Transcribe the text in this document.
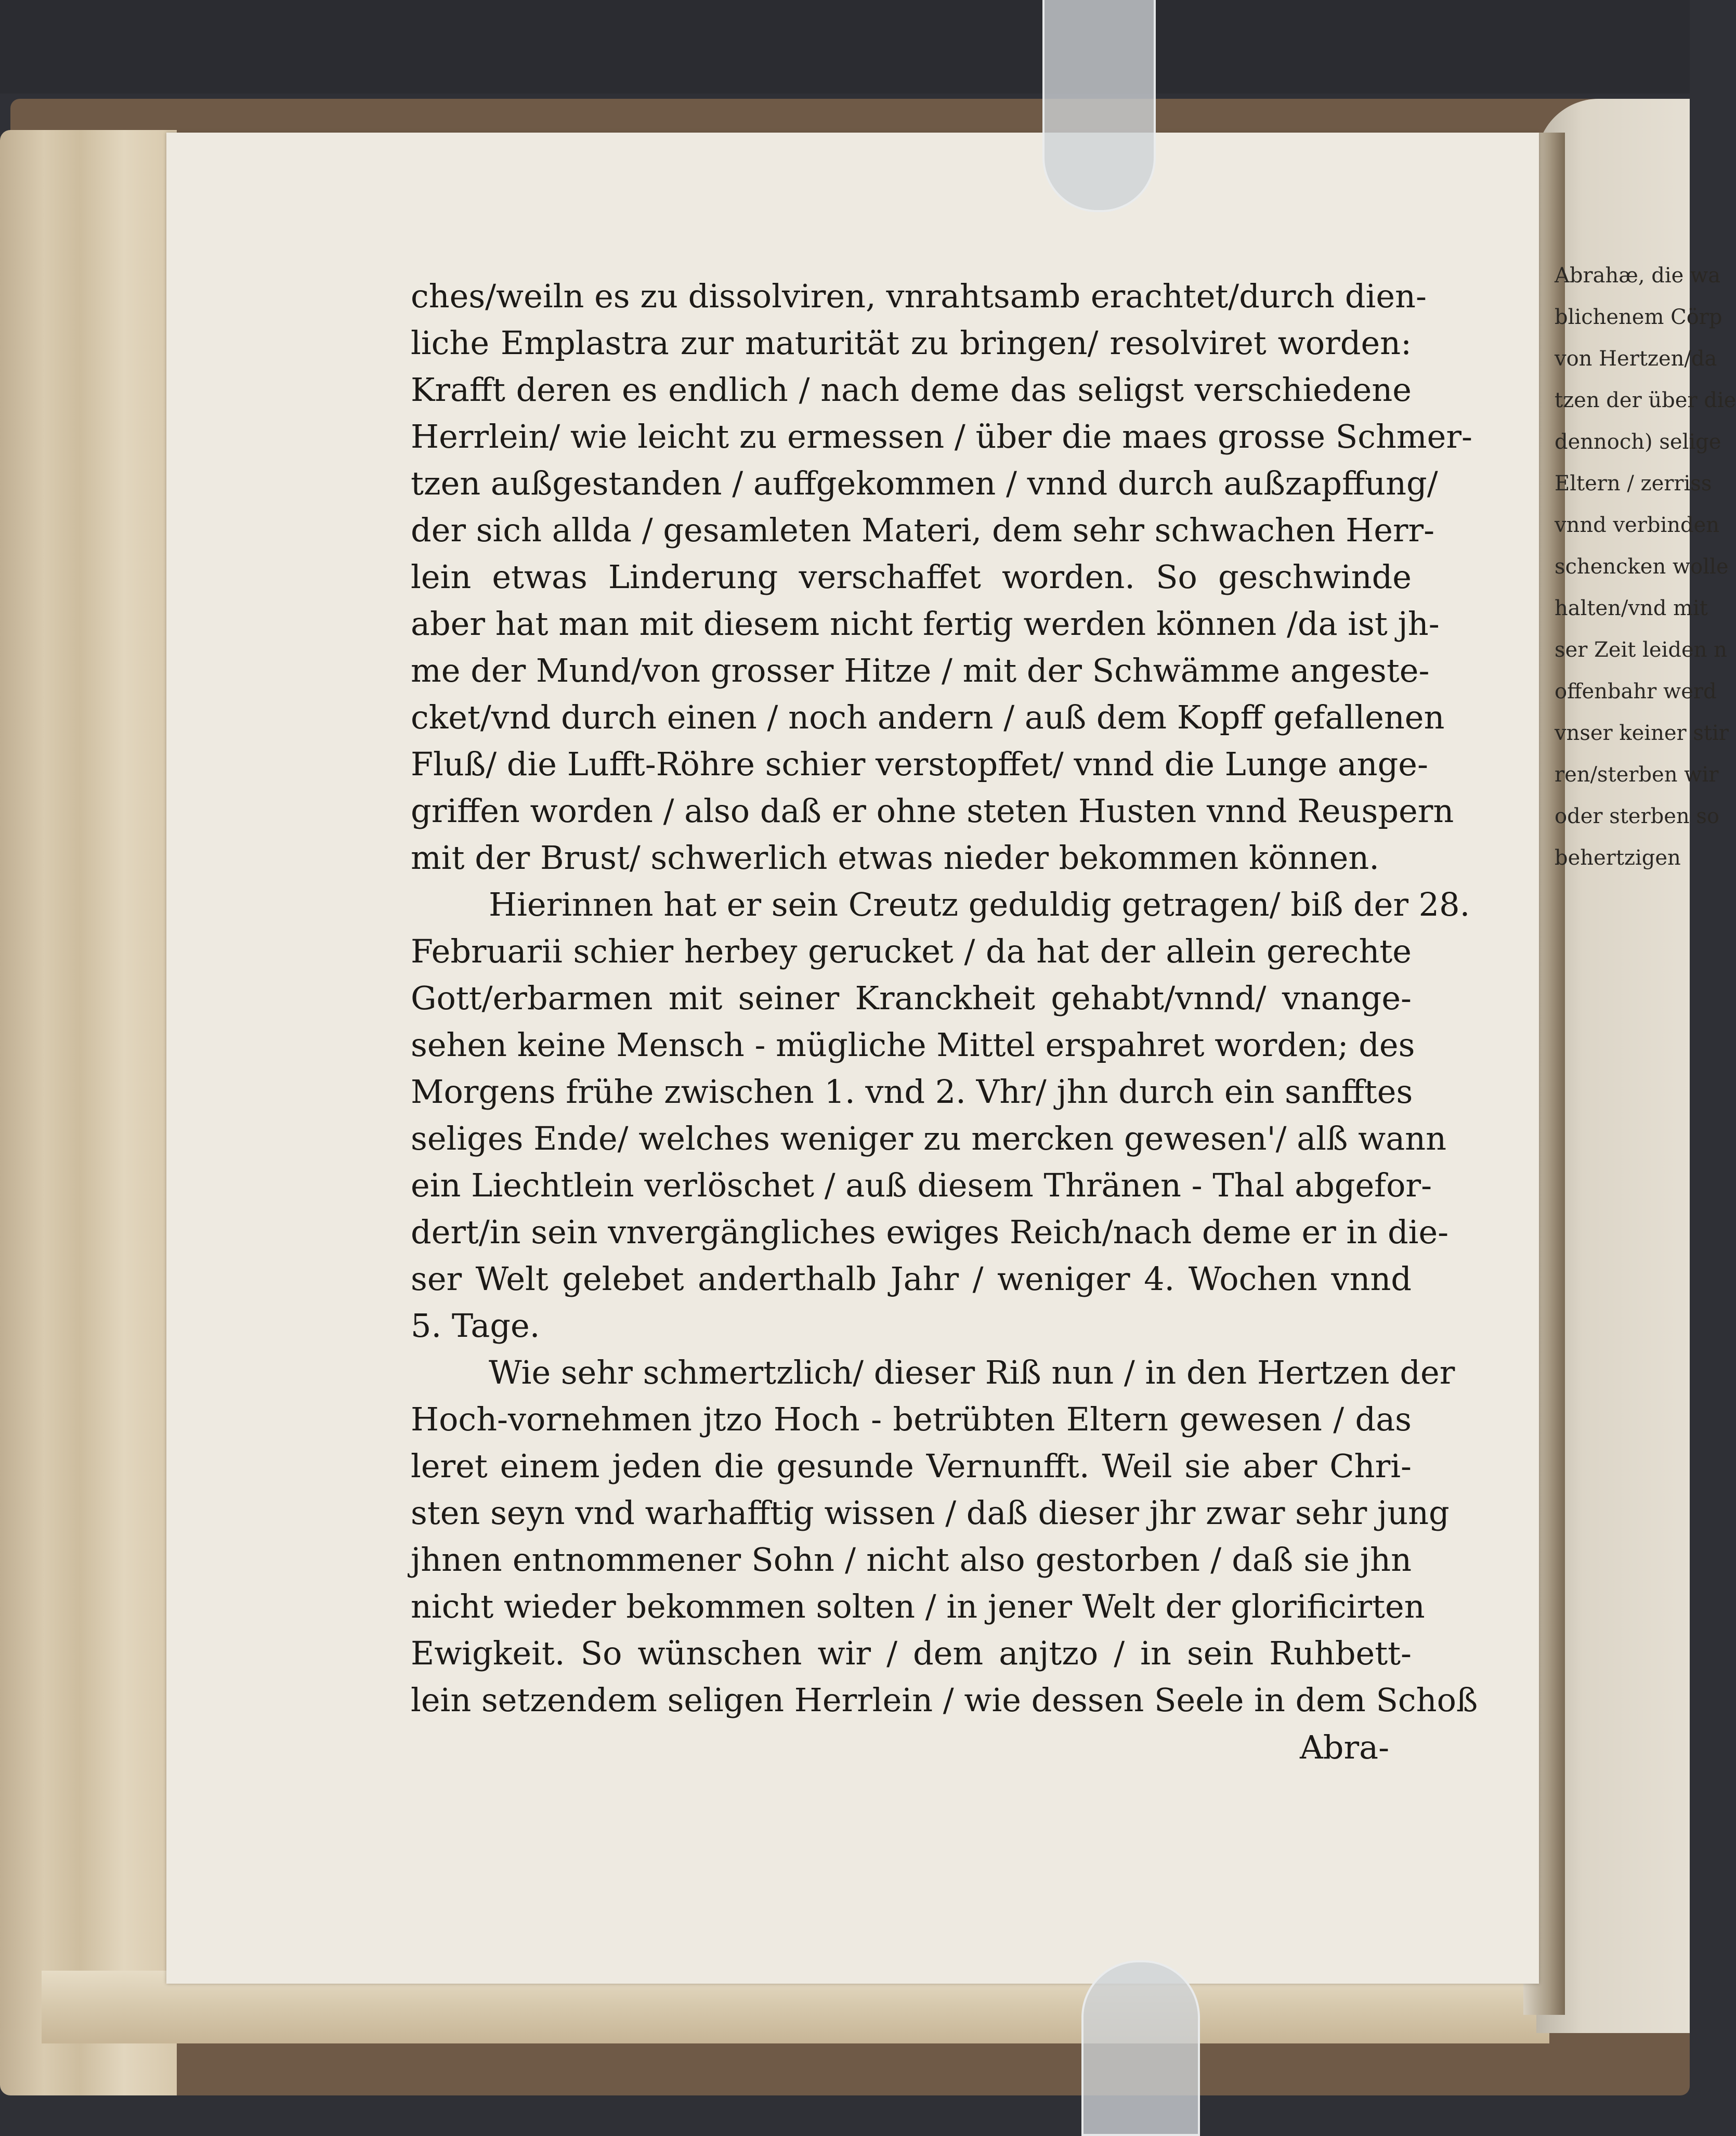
ches/weiln es zu dissolviren, vnrahtsamb erachtet/durch dien-
liche Emplastra zur maturität zu bringen/ resolviret worden:
Krafft deren es endlich / nach deme das seligst verschiedene
Herrlein/ wie leicht zu ermessen / über die maes grosse Schmer-
tzen außgestanden / auffgekommen / vnnd durch außzapffung/
der sich allda / gesamleten Materi, dem sehr schwachen Herr-
lein etwas Linderung verschaffet worden. So geschwinde
aber hat man mit diesem nicht fertig werden können /da ist jh-
me der Mund/von grosser Hitze / mit der Schwämme angeste-
cket/vnd durch einen / noch andern / auß dem Kopff gefallenen
Fluß/ die Lufft-Röhre schier verstopffet/ vnnd die Lunge ange-
griffen worden / also daß er ohne steten Husten vnnd Reuspern
mit der Brust/ schwerlich etwas nieder bekommen können.
Hierinnen hat er sein Creutz geduldig getragen/ biß der 28.
Februarii schier herbey gerucket / da hat der allein gerechte
Gott/erbarmen mit seiner Kranckheit gehabt/vnnd/ vnange-
sehen keine Mensch - mügliche Mittel erspahret worden; des
Morgens frühe zwischen 1. vnd 2. Vhr/ jhn durch ein sanfftes
seliges Ende/ welches weniger zu mercken gewesen'/ alß wann
ein Liechtlein verlöschet / auß diesem Thränen - Thal abgefor-
dert/in sein vnvergängliches ewiges Reich/nach deme er in die-
ser Welt gelebet anderthalb Jahr / weniger 4. Wochen vnnd
5. Tage.
Wie sehr schmertzlich/ dieser Riß nun / in den Hertzen der
Hoch-vornehmen jtzo Hoch - betrübten Eltern gewesen / das
leret einem jeden die gesunde Vernunfft. Weil sie aber Chri-
sten seyn vnd warhafftig wissen / daß dieser jhr zwar sehr jung
jhnen entnommener Sohn / nicht also gestorben / daß sie jhn
nicht wieder bekommen solten / in jener Welt der glorificirten
Ewigkeit. So wünschen wir / dem anjtzo / in sein Ruhbett-
lein setzendem seligen Herrlein / wie dessen Seele in dem Schoß
Abra-
Abrahæ, die wa
blichenem Cörp
von Hertzen/da
tzen der über die
dennoch) selige
Eltern / zerriss
vnnd verbinden
schencken wolle
halten/vnd mit
ser Zeit leiden n
offenbahr werd
vnser keiner stir
ren/sterben wir
oder sterben so
behertzigen
